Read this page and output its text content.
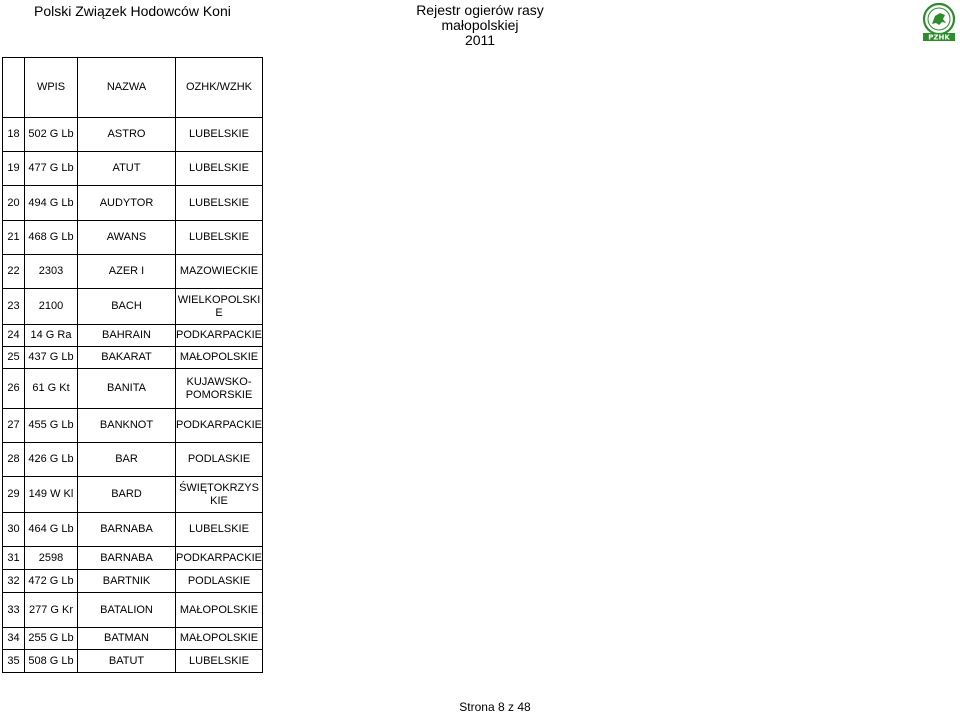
Polski Związek Hodowców Koni	Rejestr ogierów rasy małopolskiej
2011	PZHK
	WPIS	NAZWA	OZHK/WZHK
18	502 G Lb	ASTRO	LUBELSKIE
19	477 G Lb	ATUT	LUBELSKIE
20	494 G Lb	AUDYTOR	LUBELSKIE
21	468 G Lb	AWANS	LUBELSKIE
22	2303	AZER I	MAZOWIECKIE
23	2100	BACH	WIELKOPOLSKI
E
24	14 G Ra	BAHRAIN	PODKARPACKIE
25	437 G Lb	BAKARAT	MAŁOPOLSKIE
26	61 G Kt	BANITA	KUJAWSKO-
POMORSKIE
27	455 G Lb	BANKNOT	PODKARPACKIE
28	426 G Lb	BAR	PODLASKIE
29	149 W Kl	BARD	ŚWIĘTOKRZYS
KIE
30	464 G Lb	BARNABA	LUBELSKIE
31	2598	BARNABA	PODKARPACKIE
32	472 G Lb	BARTNIK	PODLASKIE
33	277 G Kr	BATALION	MAŁOPOLSKIE
34	255 G Lb	BATMAN	MAŁOPOLSKIE
35	508 G Lb	BATUT	LUBELSKIE
Strona 8 z 48
